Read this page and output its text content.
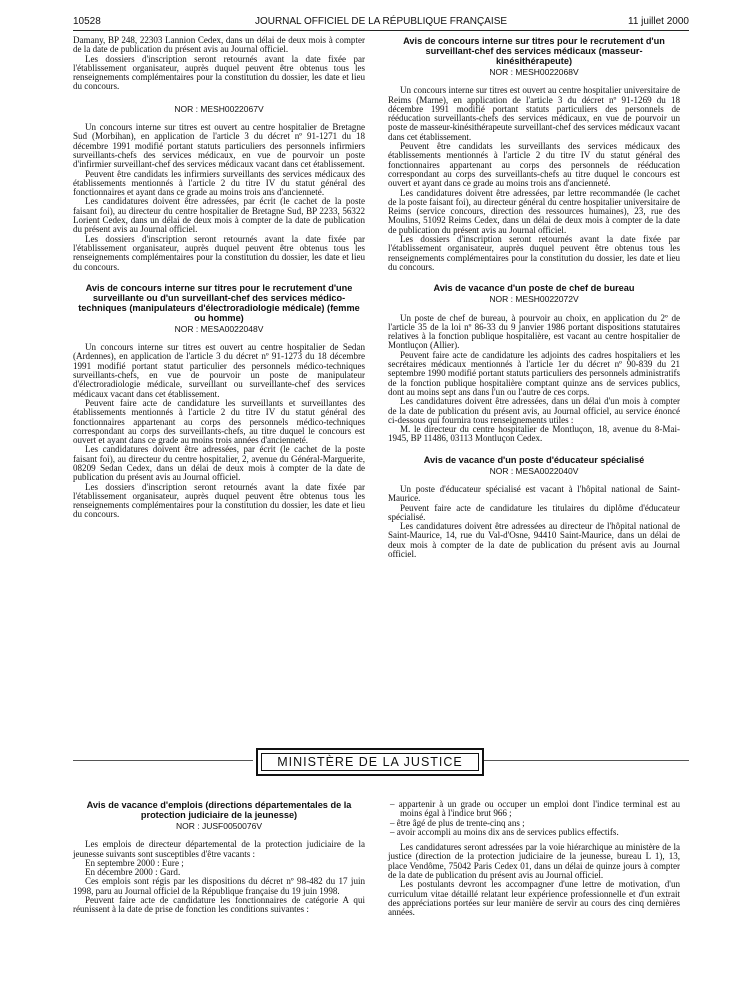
10528	JOURNAL OFFICIEL DE LA RÉPUBLIQUE FRANÇAISE	11 juillet 2000

Damany, BP 248, 22303 Lannion Cedex, dans un délai de deux mois à compter de la date de publication du présent avis au Journal officiel.

Les dossiers d'inscription seront retournés avant la date fixée par l'établissement organisateur, auprès duquel peuvent être obtenus tous les renseignements complémentaires pour la constitution du dossier, les date et lieu du concours.

NOR : MESH0022067V

Un concours interne sur titres est ouvert au centre hospitalier de Bretagne Sud (Morbihan), en application de l'article 3 du décret nº 91-1271 du 18 décembre 1991 modifié portant statuts particuliers des personnels infirmiers surveillants-chefs des services médicaux, en vue de pourvoir un poste d'infirmier surveillant-chef des services médicaux vacant dans cet établissement.

Peuvent être candidats les infirmiers surveillants des services médicaux des établissements mentionnés à l'article 2 du titre IV du statut général des fonctionnaires et ayant dans ce grade au moins trois ans d'ancienneté.

Les candidatures doivent être adressées, par écrit (le cachet de la poste faisant foi), au directeur du centre hospitalier de Bretagne Sud, BP 2233, 56322 Lorient Cedex, dans un délai de deux mois à compter de la date de publication du présent avis au Journal officiel.

Les dossiers d'inscription seront retournés avant la date fixée par l'établissement organisateur, auprès duquel peuvent être obtenus tous les renseignements complémentaires pour la constitution du dossier, les date et lieu du concours.

Avis de concours interne sur titres pour le recrutement d'une surveillante ou d'un surveillant-chef des services médico-techniques (manipulateurs d'électroradiologie médicale) (femme ou homme)
NOR : MESA0022048V

Un concours interne sur titres est ouvert au centre hospitalier de Sedan (Ardennes), en application de l'article 3 du décret nº 91-1273 du 18 décembre 1991 modifié portant statut particulier des personnels médico-techniques surveillants-chefs, en vue de pourvoir un poste de manipulateur d'électroradiologie médicale, surveillant ou surveillante-chef des services médicaux vacant dans cet établissement.

Peuvent faire acte de candidature les surveillants et surveillantes des établissements mentionnés à l'article 2 du titre IV du statut général des fonctionnaires appartenant au corps des personnels médico-techniques correspondant au corps des surveillants-chefs, au titre duquel le concours est ouvert et ayant dans ce grade au moins trois années d'ancienneté.

Les candidatures doivent être adressées, par écrit (le cachet de la poste faisant foi), au directeur du centre hospitalier, 2, avenue du Général-Marguerite, 08209 Sedan Cedex, dans un délai de deux mois à compter de la date de publication du présent avis au Journal officiel.

Les dossiers d'inscription seront retournés avant la date fixée par l'établissement organisateur, auprès duquel peuvent être obtenus tous les renseignements complémentaires pour la constitution du dossier, les date et lieu du concours.

Avis de concours interne sur titres pour le recrutement d'un surveillant-chef des services médicaux (masseur-kinésithérapeute)
NOR : MESH0022068V

Un concours interne sur titres est ouvert au centre hospitalier universitaire de Reims (Marne), en application de l'article 3 du décret nº 91-1269 du 18 décembre 1991 modifié portant statuts particuliers des personnels de rééducation surveillants-chefs des services médicaux, en vue de pourvoir un poste de masseur-kinésithérapeute surveillant-chef des services médicaux vacant dans cet établissement.

Peuvent être candidats les surveillants des services médicaux des établissements mentionnés à l'article 2 du titre IV du statut général des fonctionnaires appartenant au corps des personnels de rééducation correspondant au corps des surveillants-chefs au titre duquel le concours est ouvert et ayant dans ce grade au moins trois ans d'ancienneté.

Les candidatures doivent être adressées, par lettre recommandée (le cachet de la poste faisant foi), au directeur général du centre hospitalier universitaire de Reims (service concours, direction des ressources humaines), 23, rue des Moulins, 51092 Reims Cedex, dans un délai de deux mois à compter de la date de publication du présent avis au Journal officiel.

Les dossiers d'inscription seront retournés avant la date fixée par l'établissement organisateur, auprès duquel peuvent être obtenus tous les renseignements complémentaires pour la constitution du dossier, les date et lieu du concours.

Avis de vacance d'un poste de chef de bureau
NOR : MESH0022072V

Un poste de chef de bureau, à pourvoir au choix, en application du 2º de l'article 35 de la loi nº 86-33 du 9 janvier 1986 portant dispositions statutaires relatives à la fonction publique hospitalière, est vacant au centre hospitalier de Montluçon (Allier).

Peuvent faire acte de candidature les adjoints des cadres hospitaliers et les secrétaires médicaux mentionnés à l'article 1er du décret nº 90-839 du 21 septembre 1990 modifié portant statuts particuliers des personnels administratifs de la fonction publique hospitalière comptant quinze ans de services publics, dont au moins sept ans dans l'un ou l'autre de ces corps.

Les candidatures doivent être adressées, dans un délai d'un mois à compter de la date de publication du présent avis, au Journal officiel, au service énoncé ci-dessous qui fournira tous renseignements utiles :

M. le directeur du centre hospitalier de Montluçon, 18, avenue du 8-Mai-1945, BP 11486, 03113 Montluçon Cedex.

Avis de vacance d'un poste d'éducateur spécialisé
NOR : MESA0022040V

Un poste d'éducateur spécialisé est vacant à l'hôpital national de Saint-Maurice.

Peuvent faire acte de candidature les titulaires du diplôme d'éducateur spécialisé.

Les candidatures doivent être adressées au directeur de l'hôpital national de Saint-Maurice, 14, rue du Val-d'Osne, 94410 Saint-Maurice, dans un délai de deux mois à compter de la date de publication du présent avis au Journal officiel.

MINISTÈRE DE LA JUSTICE
Avis de vacance d'emplois (directions départementales de la protection judiciaire de la jeunesse)
NOR : JUSF0050076V

Les emplois de directeur départemental de la protection judiciaire de la jeunesse suivants sont susceptibles d'être vacants :

En septembre 2000 : Eure ;

En décembre 2000 : Gard.

Ces emplois sont régis par les dispositions du décret nº 98-482 du 17 juin 1998, paru au Journal officiel de la République française du 19 juin 1998.

Peuvent faire acte de candidature les fonctionnaires de catégorie A qui réunissent à la date de prise de fonction les conditions suivantes :

– appartenir à un grade ou occuper un emploi dont l'indice terminal est au moins égal à l'indice brut 966 ;

– être âgé de plus de trente-cinq ans ;

– avoir accompli au moins dix ans de services publics effectifs.

Les candidatures seront adressées par la voie hiérarchique au ministère de la justice (direction de la protection judiciaire de la jeunesse, bureau L 1), 13, place Vendôme, 75042 Paris Cedex 01, dans un délai de quinze jours à compter de la date de publication du présent avis au Journal officiel.

Les postulants devront les accompagner d'une lettre de motivation, d'un curriculum vitae détaillé relatant leur expérience professionnelle et d'un extrait des appréciations portées sur leur manière de servir au cours des cinq dernières années.
